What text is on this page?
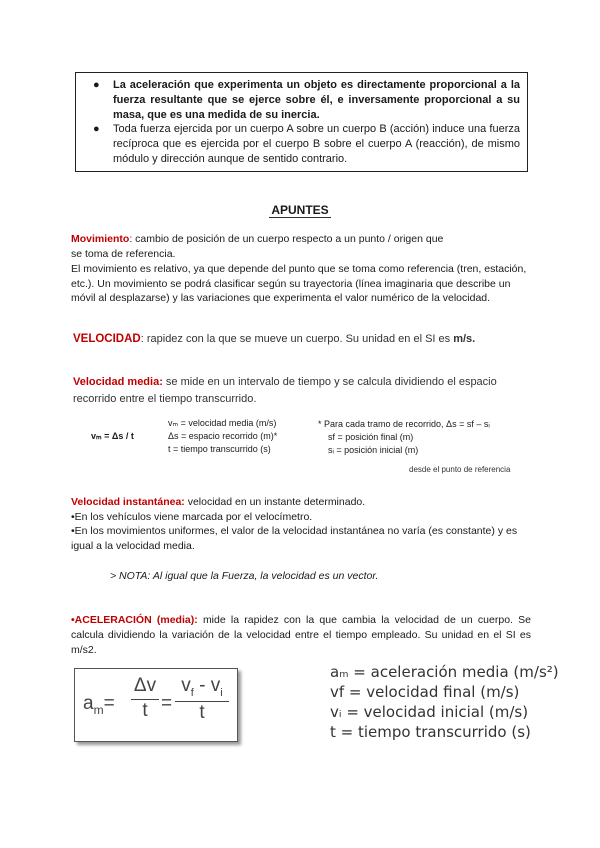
● La aceleración que experimenta un objeto es directamente proporcional a la fuerza resultante que se ejerce sobre él, e inversamente proporcional a su masa, que es una medida de su inercia.
● Toda fuerza ejercida por un cuerpo A sobre un cuerpo B (acción) induce una fuerza recíproca que es ejercida por el cuerpo B sobre el cuerpo A (reacción), de mismo módulo y dirección aunque de sentido contrario.
APUNTES
Movimiento: cambio de posición de un cuerpo respecto a un punto / origen que
se toma de referencia.
El movimiento es relativo, ya que depende del punto que se toma como referencia (tren, estación, etc.). Un movimiento se podrá clasificar según su trayectoria (línea imaginaria que describe un móvil al desplazarse) y las variaciones que experimenta el valor numérico de la velocidad.
VELOCIDAD: rapidez con la que se mueve un cuerpo. Su unidad en el SI es m/s.
Velocidad media: se mide en un intervalo de tiempo y se calcula dividiendo el espacio
recorrido entre el tiempo transcurrido.
vₘ = Δs / t
vₘ = velocidad media (m/s)
Δs = espacio recorrido (m)*
t = tiempo transcurrido (s)
* Para cada tramo de recorrido, Δs = sf – sᵢ
sf = posición final (m)
sᵢ = posición inicial (m)
desde el punto de referencia
Velocidad instantánea: velocidad en un instante determinado.
•En los vehículos viene marcada por el velocímetro.
•En los movimientos uniformes, el valor de la velocidad instantánea no varía (es constante) y es igual a la velocidad media.
> NOTA: Al igual que la Fuerza, la velocidad es un vector.
•ACELERACIÓN (media): mide la rapidez con la que cambia la velocidad de un cuerpo. Se calcula dividiendo la variación de la velocidad entre el tiempo empleado. Su unidad en el SI es m/s2.
$a_m=$
Δv
t =
$v_f - v_i$
t
aₘ = aceleración media (m/s²)
vf = velocidad final (m/s)
vᵢ = velocidad inicial (m/s)
t = tiempo transcurrido (s)
